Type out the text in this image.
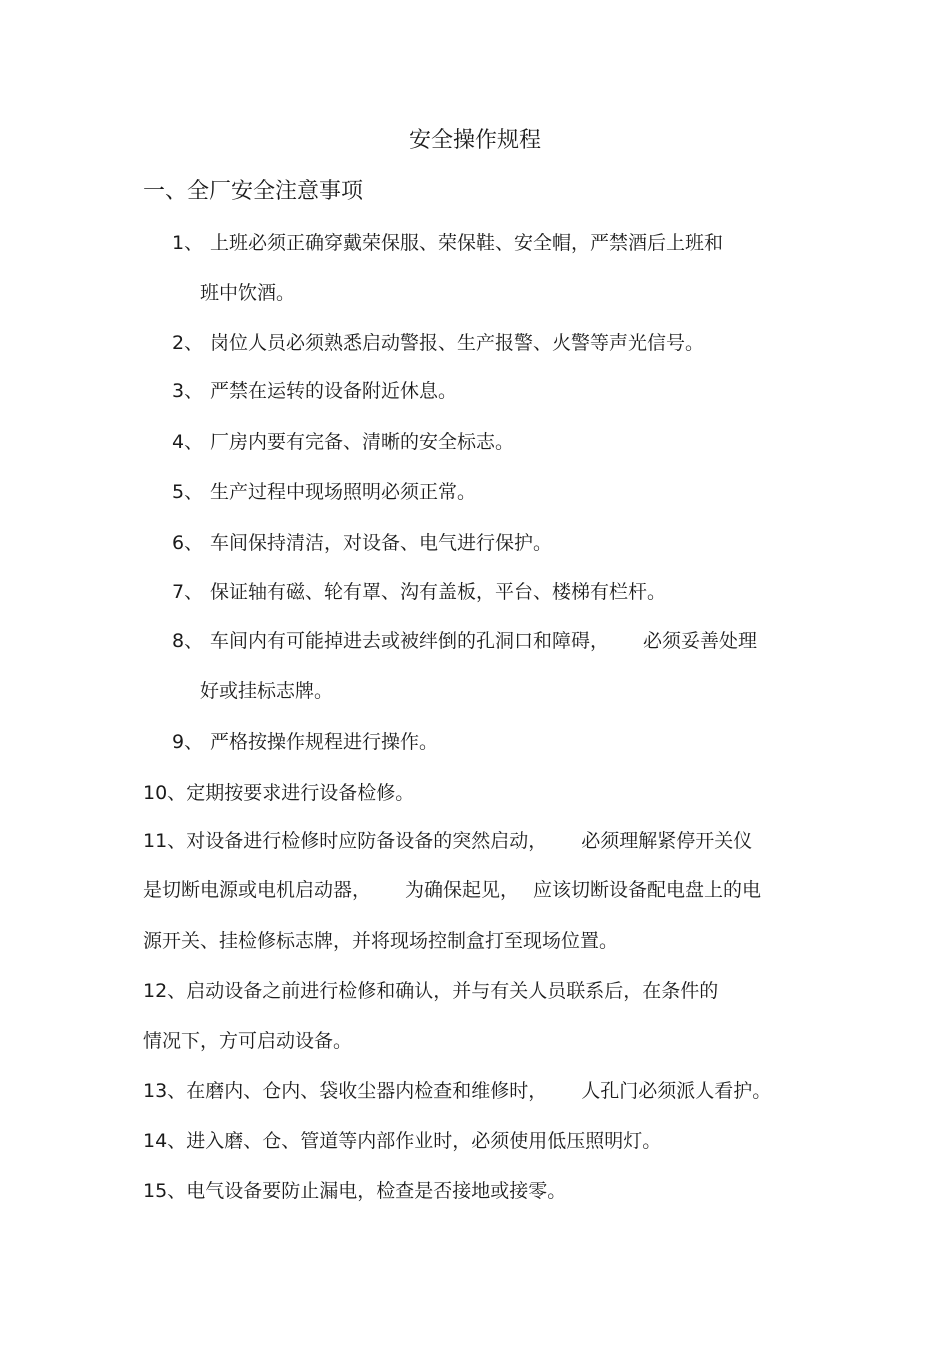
安全操作规程
一、全厂安全注意事项
1、 上班必须正确穿戴荣保服、荣保鞋、安全帽，严禁酒后上班和
班中饮酒。
2、 岗位人员必须熟悉启动警报、生产报警、火警等声光信号。
3、 严禁在运转的设备附近休息。
4、 厂房内要有完备、清晰的安全标志。
5、 生产过程中现场照明必须正常。
6、 车间保持清洁，对设备、电气进行保护。
7、 保证轴有磁、轮有罩、沟有盖板，平台、楼梯有栏杆。
8、 车间内有可能掉进去或被绊倒的孔洞口和障碍， 必须妥善处理
好或挂标志牌。
9、 严格按操作规程进行操作。
10、定期按要求进行设备检修。
11、对设备进行检修时应防备设备的突然启动， 必须理解紧停开关仪
是切断电源或电机启动器， 为确保起见， 应该切断设备配电盘上的电
源开关、挂检修标志牌，并将现场控制盒打至现场位置。
12、启动设备之前进行检修和确认，并与有关人员联系后，在条件的
情况下，方可启动设备。
13、在磨内、仓内、袋收尘器内检查和维修时， 人孔门必须派人看护。
14、进入磨、仓、管道等内部作业时，必须使用低压照明灯。
15、电气设备要防止漏电，检查是否接地或接零。
